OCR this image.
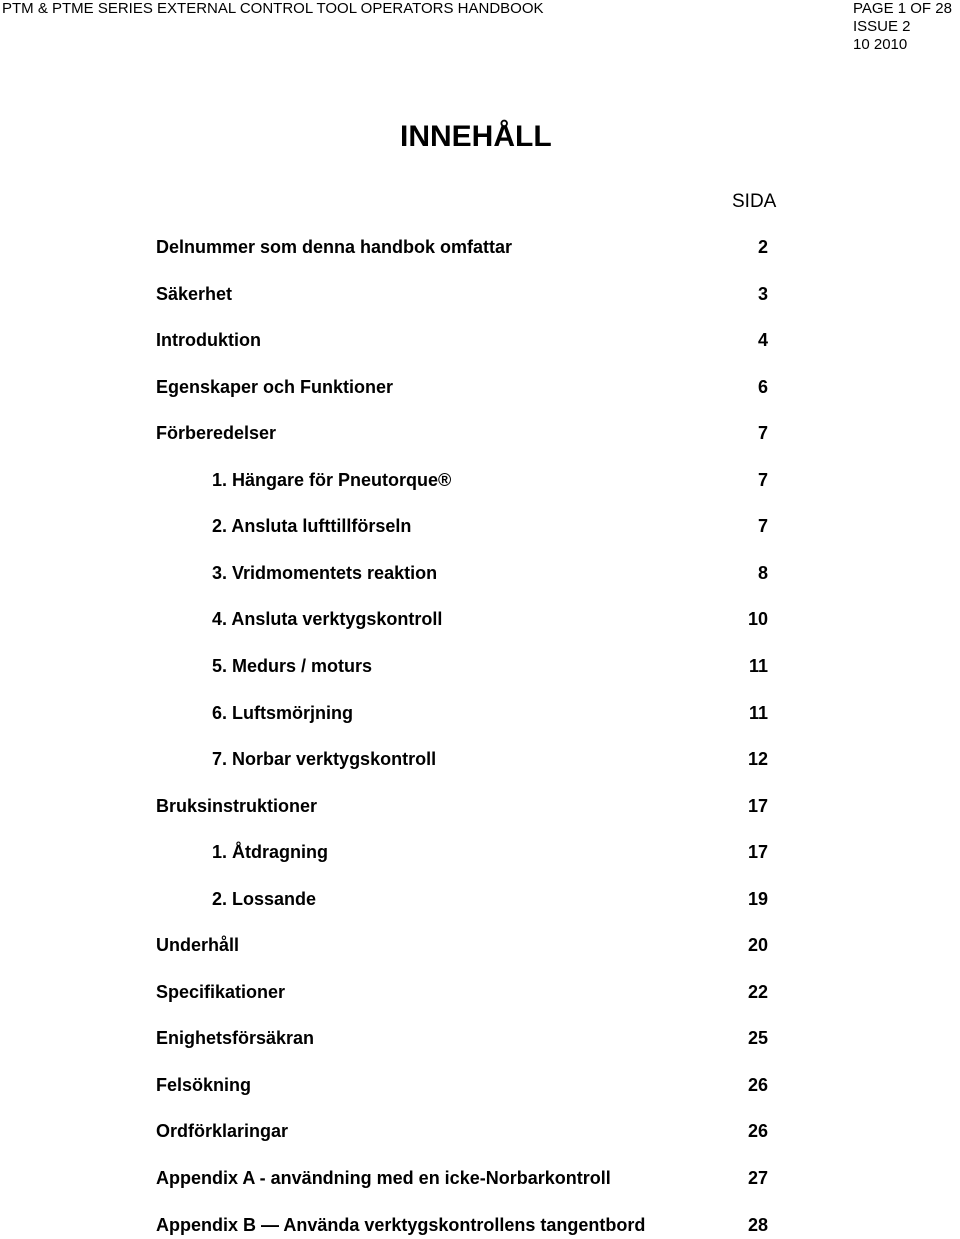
PTM & PTME SERIES EXTERNAL CONTROL TOOL OPERATORS HANDBOOK	PAGE 1 OF 28
ISSUE 2
10 2010
INNEHÅLL
SIDA
Delnummer som denna handbok omfattar	2
Säkerhet	3
Introduktion	4
Egenskaper och Funktioner	6
Förberedelser	7
1. Hängare för Pneutorque®	7
2. Ansluta lufttillförseln	7
3. Vridmomentets reaktion	8
4. Ansluta verktygskontroll	10
5. Medurs / moturs	11
6. Luftsmörjning	11
7. Norbar verktygskontroll	12
Bruksinstruktioner	17
1. Åtdragning	17
2. Lossande	19
Underhåll	20
Specifikationer	22
Enighetsförsäkran	25
Felsökning	26
Ordförklaringar	26
Appendix A - användning med en icke-Norbarkontroll	27
Appendix B — Använda verktygskontrollens tangentbord	28
